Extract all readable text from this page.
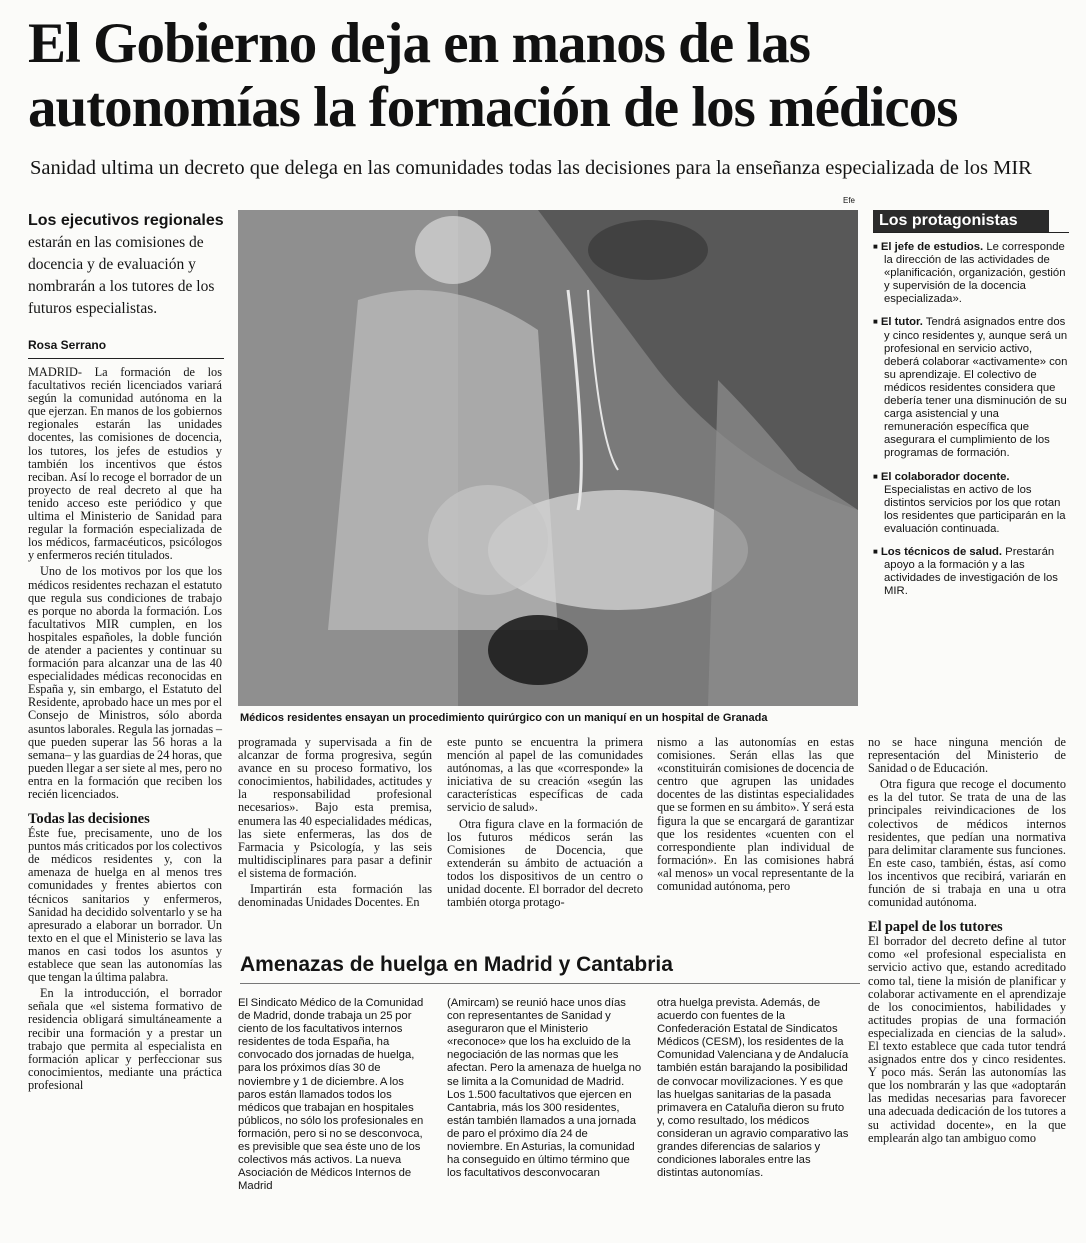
El Gobierno deja en manos de las
autonomías la formación de los médicos

Sanidad ultima un decreto que delega en las comunidades todas las decisiones para la enseñanza especializada de los MIR

Los ejecutivos regionales
estarán en las comisiones de docencia y de evaluación y nombrarán a los tutores de los futuros especialistas.
Rosa Serrano

MADRID- La formación de los facultativos recién licenciados variará según la comunidad autónoma en la que ejerzan. En manos de los gobiernos regionales estarán las unidades docentes, las comisiones de docencia, los tutores, los jefes de estudios y también los incentivos que éstos reciban. Así lo recoge el borrador de un proyecto de real decreto al que ha tenido acceso este periódico y que ultima el Ministerio de Sanidad para regular la formación especializada de los médicos, farmacéuticos, psicólogos y enfermeros recién titulados.

Uno de los motivos por los que los médicos residentes rechazan el estatuto que regula sus condiciones de trabajo es porque no aborda la formación. Los facultativos MIR cumplen, en los hospitales españoles, la doble función de atender a pacientes y continuar su formación para alcanzar una de las 40 especialidades médicas reconocidas en España y, sin embargo, el Estatuto del Residente, aprobado hace un mes por el Consejo de Ministros, sólo aborda asuntos laborales. Regula las jornadas –que pueden superar las 56 horas a la semana– y las guardias de 24 horas, que pueden llegar a ser siete al mes, pero no entra en la formación que reciben los recién licenciados.

Todas las decisiones

Éste fue, precisamente, uno de los puntos más criticados por los colectivos de médicos residentes y, con la amenaza de huelga en al menos tres comunidades y frentes abiertos con técnicos sanitarios y enfermeros, Sanidad ha decidido solventarlo y se ha apresurado a elaborar un borrador. Un texto en el que el Ministerio se lava las manos en casi todos los asuntos y establece que sean las autonomías las que tengan la última palabra.

En la introducción, el borrador señala que «el sistema formativo de residencia obligará simultáneamente a recibir una formación y a prestar un trabajo que permita al especialista en formación aplicar y perfeccionar sus conocimientos, mediante una práctica profesional

Efe
Médicos residentes ensayan un procedimiento quirúrgico con un maniquí en un hospital de Granada

programada y supervisada a fin de alcanzar de forma progresiva, según avance en su proceso formativo, los conocimientos, habilidades, actitudes y la responsabilidad profesional necesarios». Bajo esta premisa, enumera las 40 especialidades médicas, las siete enfermeras, las dos de Farmacia y Psicología, y las seis multidisciplinares para pasar a definir el sistema de formación.

Impartirán esta formación las denominadas Unidades Docentes. En

este punto se encuentra la primera mención al papel de las comunidades autónomas, a las que «corresponde» la iniciativa de su creación «según las características específicas de cada servicio de salud».

Otra figura clave en la formación de los futuros médicos serán las Comisiones de Docencia, que extenderán su ámbito de actuación a todos los dispositivos de un centro o unidad docente. El borrador del decreto también otorga protago-

nismo a las autonomías en estas comisiones. Serán ellas las que «constituirán comisiones de docencia de centro que agrupen las unidades docentes de las distintas especialidades que se formen en su ámbito». Y será esta figura la que se encargará de garantizar que los residentes «cuenten con el correspondiente plan individual de formación». En las comisiones habrá «al menos» un vocal representante de la comunidad autónoma, pero

Los protagonistas
■ El jefe de estudios. Le corresponde la dirección de las actividades de «planificación, organización, gestión y supervisión de la docencia especializada».
■ El tutor. Tendrá asignados entre dos y cinco residentes y, aunque será un profesional en servicio activo, deberá colaborar «activamente» con su aprendizaje. El colectivo de médicos residentes considera que debería tener una disminución de su carga asistencial y una remuneración específica que asegurara el cumplimiento de los programas de formación.
■ El colaborador docente. Especialistas en activo de los distintos servicios por los que rotan los residentes que participarán en la evaluación continuada.
■ Los técnicos de salud. Prestarán apoyo a la formación y a las actividades de investigación de los MIR.

no se hace ninguna mención de representación del Ministerio de Sanidad o de Educación.

Otra figura que recoge el documento es la del tutor. Se trata de una de las principales reivindicaciones de los colectivos de médicos internos residentes, que pedían una normativa para delimitar claramente sus funciones. En este caso, también, éstas, así como los incentivos que recibirá, variarán en función de si trabaja en una u otra comunidad autónoma.

El papel de los tutores

El borrador del decreto define al tutor como «el profesional especialista en servicio activo que, estando acreditado como tal, tiene la misión de planificar y colaborar activamente en el aprendizaje de los conocimientos, habilidades y actitudes propias de una formación especializada en ciencias de la salud». El texto establece que cada tutor tendrá asignados entre dos y cinco residentes. Y poco más. Serán las autonomías las que los nombrarán y las que «adoptarán las medidas necesarias para favorecer una adecuada dedicación de los tutores a su actividad docente», en la que emplearán algo tan ambiguo como

Amenazas de huelga en Madrid y Cantabria

El Sindicato Médico de la Comunidad de Madrid, donde trabaja un 25 por ciento de los facultativos internos residentes de toda España, ha convocado dos jornadas de huelga, para los próximos días 30 de noviembre y 1 de diciembre. A los paros están llamados todos los médicos que trabajan en hospitales públicos, no sólo los profesionales en formación, pero si no se desconvoca, es previsible que sea éste uno de los colectivos más activos. La nueva Asociación de Médicos Internos de Madrid

(Amircam) se reunió hace unos días con representantes de Sanidad y aseguraron que el Ministerio «reconoce» que los ha excluido de la negociación de las normas que les afectan. Pero la amenaza de huelga no se limita a la Comunidad de Madrid. Los 1.500 facultativos que ejercen en Cantabria, más los 300 residentes, están también llamados a una jornada de paro el próximo día 24 de noviembre. En Asturias, la comunidad ha conseguido en último término que los facultativos desconvocaran

otra huelga prevista. Además, de acuerdo con fuentes de la Confederación Estatal de Sindicatos Médicos (CESM), los residentes de la Comunidad Valenciana y de Andalucía también están barajando la posibilidad de convocar movilizaciones. Y es que las huelgas sanitarias de la pasada primavera en Cataluña dieron su fruto y, como resultado, los médicos consideran un agravio comparativo las grandes diferencias de salarios y condiciones laborales entre las distintas autonomías.
